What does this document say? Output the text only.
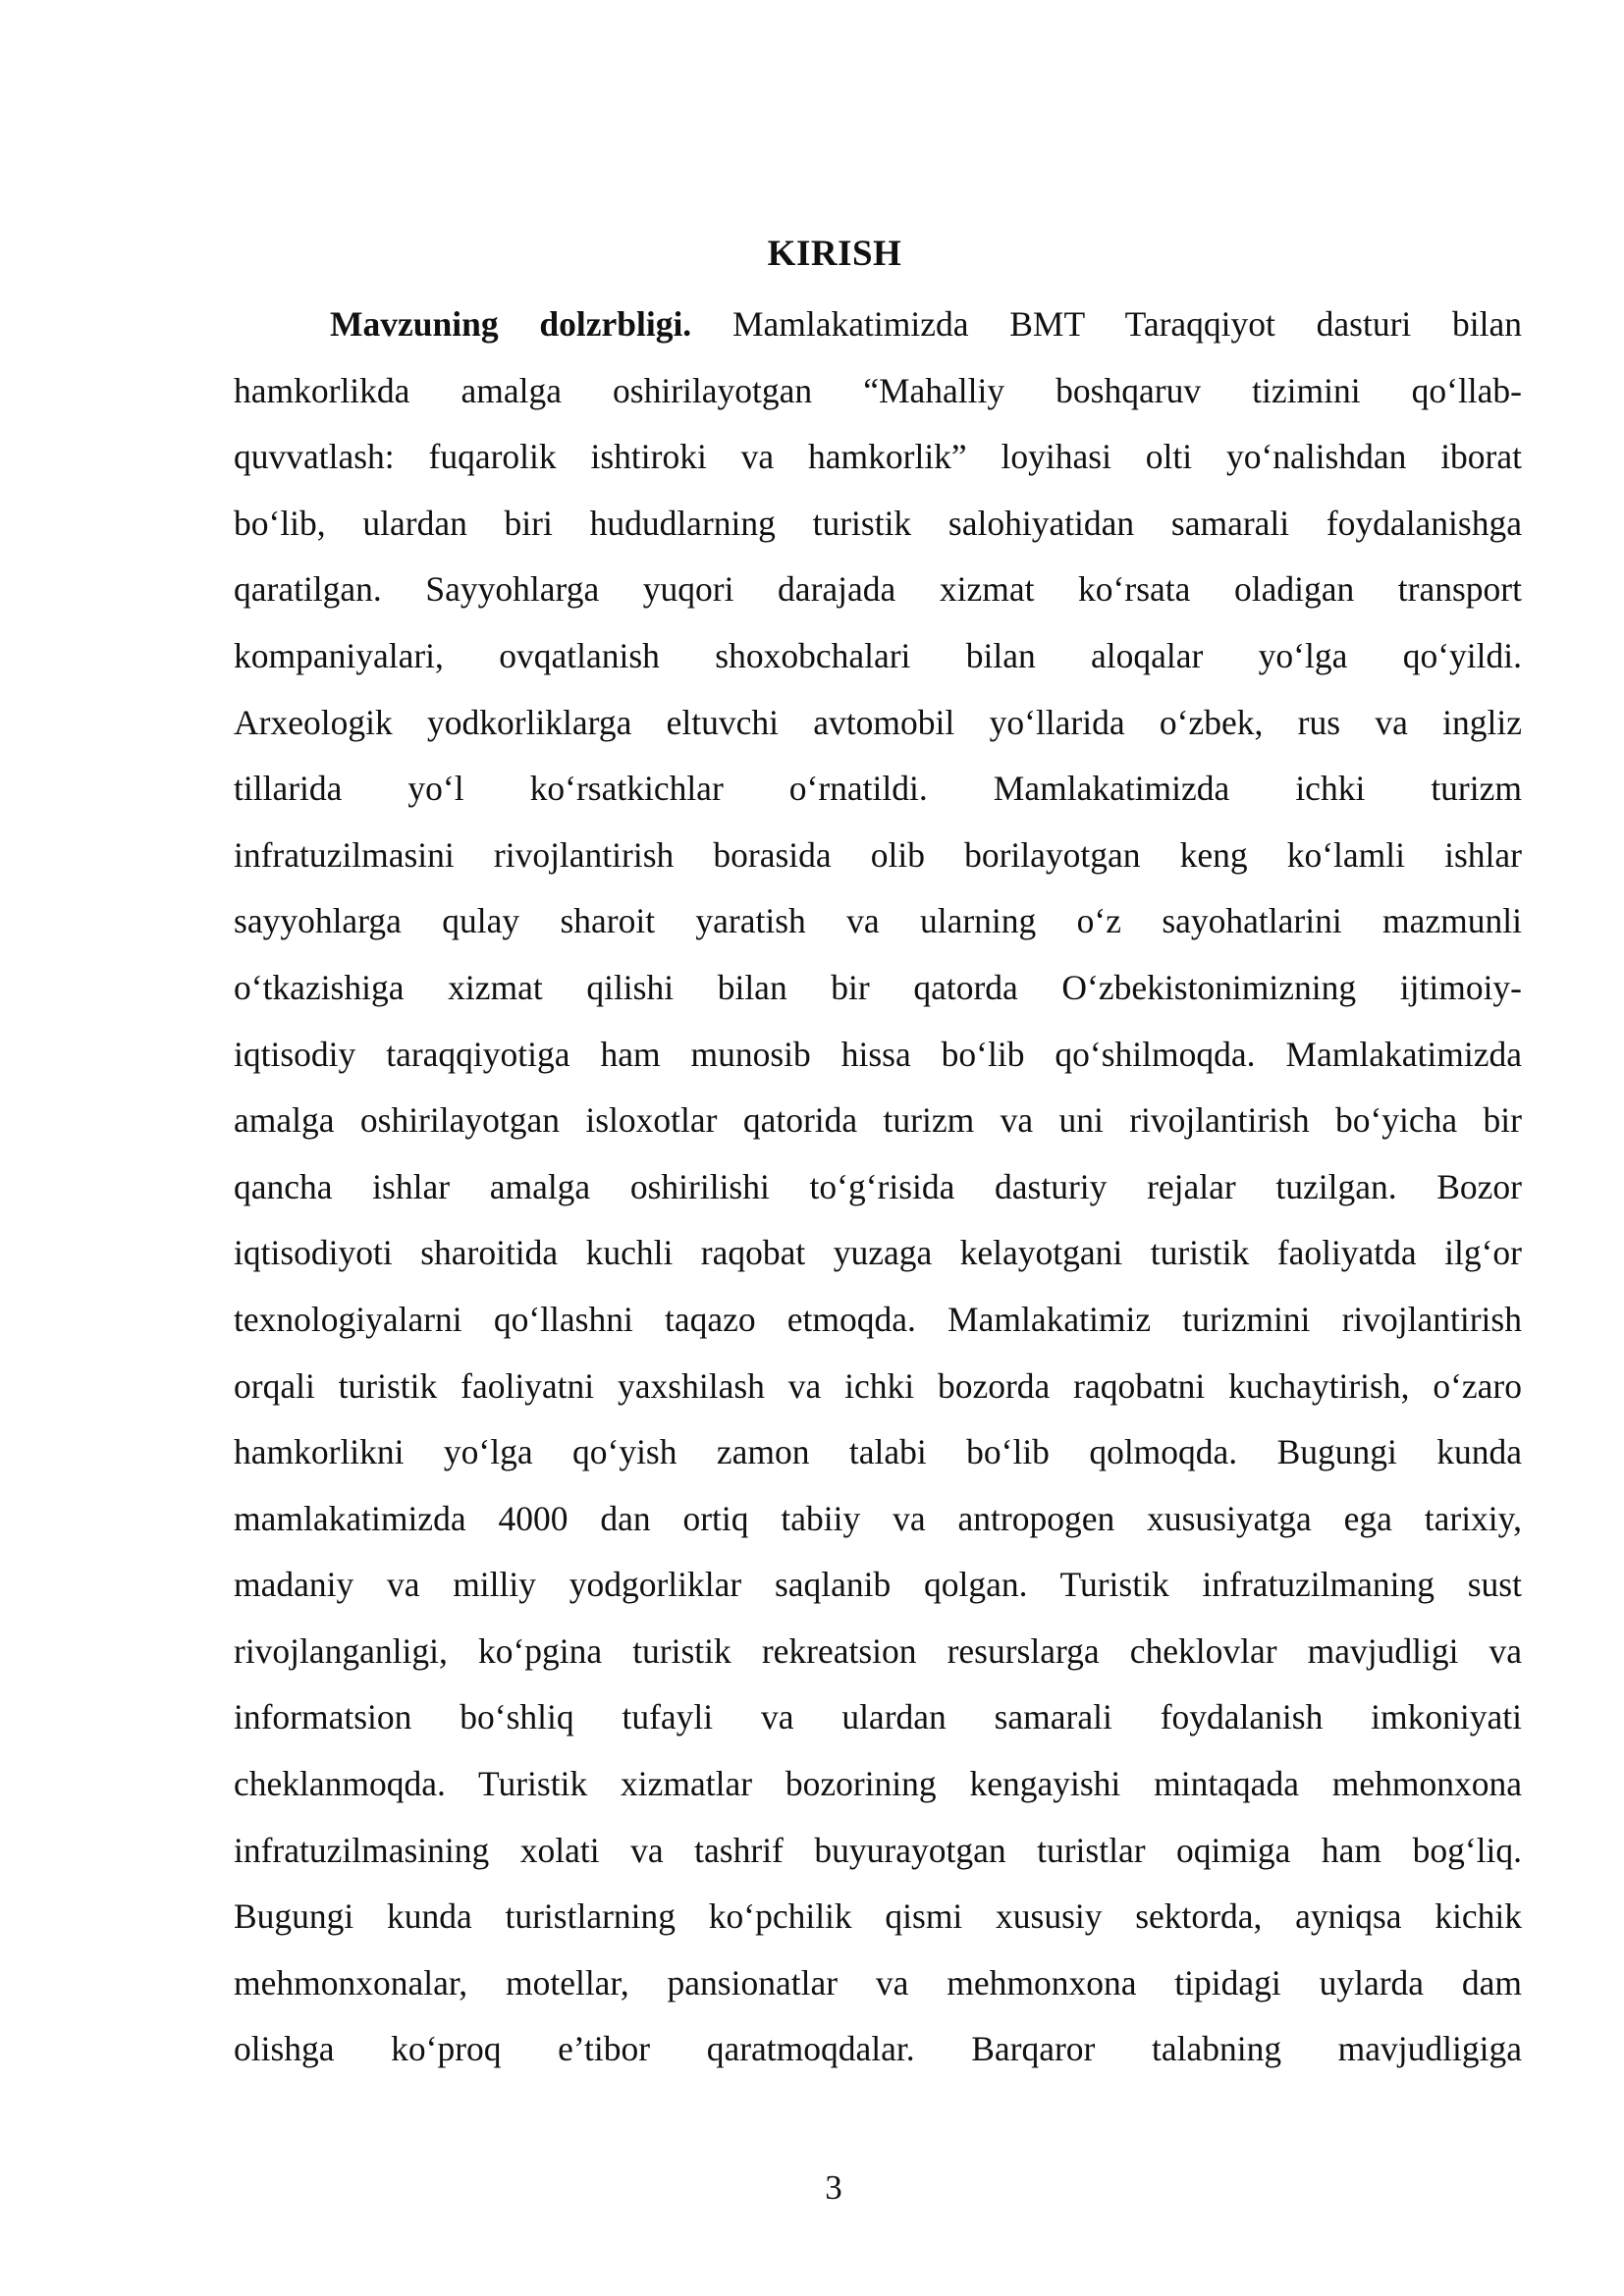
KIRISH
Mavzuning dolzrbligi. Mamlakatimizda BMT Taraqqiyot dasturi bilan
hamkorlikda amalga oshirilayotgan “Mahalliy boshqaruv tizimini qo‘llab-
quvvatlash: fuqarolik ishtiroki va hamkorlik” loyihasi olti yo‘nalishdan iborat
bo‘lib, ulardan biri hududlarning turistik salohiyatidan samarali foydalanishga
qaratilgan. Sayyohlarga yuqori darajada xizmat ko‘rsata oladigan transport
kompaniyalari, ovqatlanish shoxobchalari bilan aloqalar yo‘lga qo‘yildi.
Arxeologik yodkorliklarga eltuvchi avtomobil yo‘llarida o‘zbek, rus va ingliz
tillarida yo‘l ko‘rsatkichlar o‘rnatildi. Mamlakatimizda ichki turizm
infratuzilmasini rivojlantirish borasida olib borilayotgan keng ko‘lamli ishlar
sayyohlarga qulay sharoit yaratish va ularning o‘z sayohatlarini mazmunli
o‘tkazishiga xizmat qilishi bilan bir qatorda O‘zbekistonimizning ijtimoiy-
iqtisodiy taraqqiyotiga ham munosib hissa bo‘lib qo‘shilmoqda. Mamlakatimizda
amalga oshirilayotgan isloxotlar qatorida turizm va uni rivojlantirish bo‘yicha bir
qancha ishlar amalga oshirilishi to‘g‘risida dasturiy rejalar tuzilgan. Bozor
iqtisodiyoti sharoitida kuchli raqobat yuzaga kelayotgani turistik faoliyatda ilg‘or
texnologiyalarni qo‘llashni taqazo etmoqda. Mamlakatimiz turizmini rivojlantirish
orqali turistik faoliyatni yaxshilash va ichki bozorda raqobatni kuchaytirish, o‘zaro
hamkorlikni yo‘lga qo‘yish zamon talabi bo‘lib qolmoqda. Bugungi kunda
mamlakatimizda 4000 dan ortiq tabiiy va antropogen xususiyatga ega tarixiy,
madaniy va milliy yodgorliklar saqlanib qolgan. Turistik infratuzilmaning sust
rivojlanganligi, ko‘pgina turistik rekreatsion resurslarga cheklovlar mavjudligi va
informatsion bo‘shliq tufayli va ulardan samarali foydalanish imkoniyati
cheklanmoqda. Turistik xizmatlar bozorining kengayishi mintaqada mehmonxona
infratuzilmasining xolati va tashrif buyurayotgan turistlar oqimiga ham bog‘liq.
Bugungi kunda turistlarning ko‘pchilik qismi xususiy sektorda, ayniqsa kichik
mehmonxonalar, motellar, pansionatlar va mehmonxona tipidagi uylarda dam
olishga ko‘proq e’tibor qaratmoqdalar. Barqaror talabning mavjudligiga
3
